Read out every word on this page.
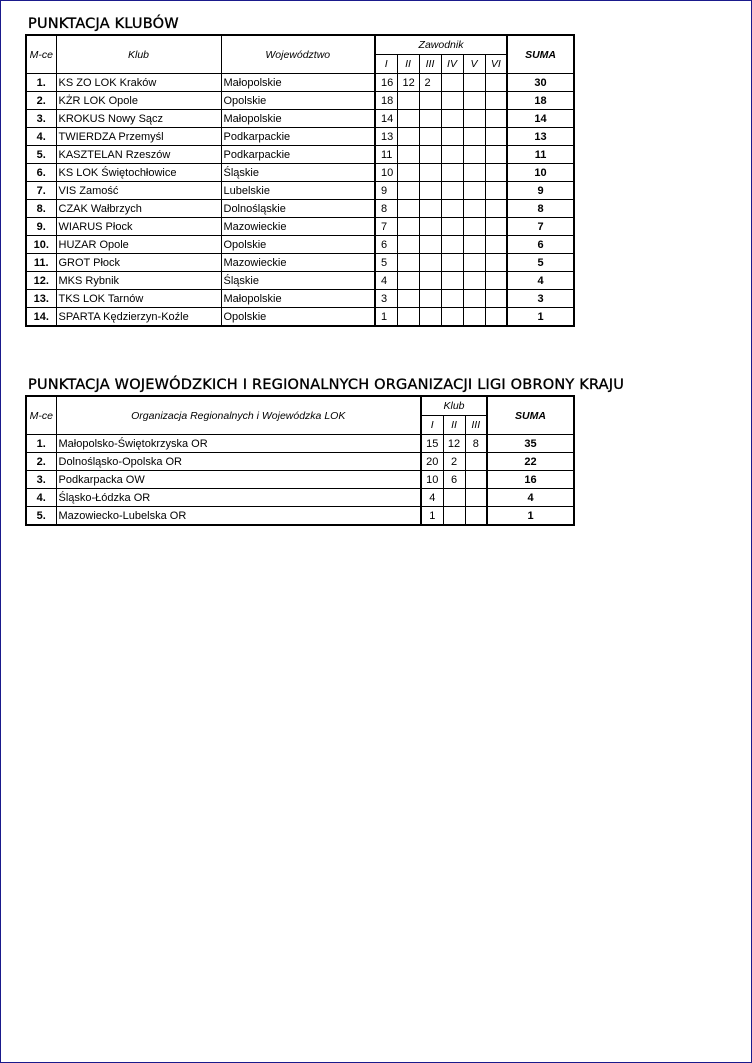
PUNKTACJA KLUBÓW
M-ce	Klub	Województwo	Zawodnik						SUMA
			I	II	III	IV	V	VI	
1.	KS ZO LOK Kraków	Małopolskie	16	12	2				30
2.	KŻR LOK Opole	Opolskie	18						18
3.	KROKUS Nowy Sącz	Małopolskie	14						14
4.	TWIERDZA Przemyśl	Podkarpackie	13						13
5.	KASZTELAN Rzeszów	Podkarpackie	11						11
6.	KS LOK Świętochłowice	Śląskie	10						10
7.	VIS Zamość	Lubelskie	9						9
8.	CZAK Wałbrzych	Dolnośląskie	8						8
9.	WIARUS Płock	Mazowieckie	7						7
10.	HUZAR Opole	Opolskie	6						6
11.	GROT Płock	Mazowieckie	5						5
12.	MKS Rybnik	Śląskie	4						4
13.	TKS LOK Tarnów	Małopolskie	3						3
14.	SPARTA Kędzierzyn-Koźle	Opolskie	1						1
PUNKTACJA WOJEWÓDZKICH I REGIONALNYCH ORGANIZACJI LIGI OBRONY KRAJU
M-ce	Organizacja Regionalnych i Wojewódzka LOK	Klub			SUMA
		I	II	III	
1.	Małopolsko-Świętokrzyska OR	15	12	8	35
2.	Dolnośląsko-Opolska OR	20	2		22
3.	Podkarpacka OW	10	6		16
4.	Śląsko-Łódzka OR	4			4
5.	Mazowiecko-Lubelska OR	1			1
